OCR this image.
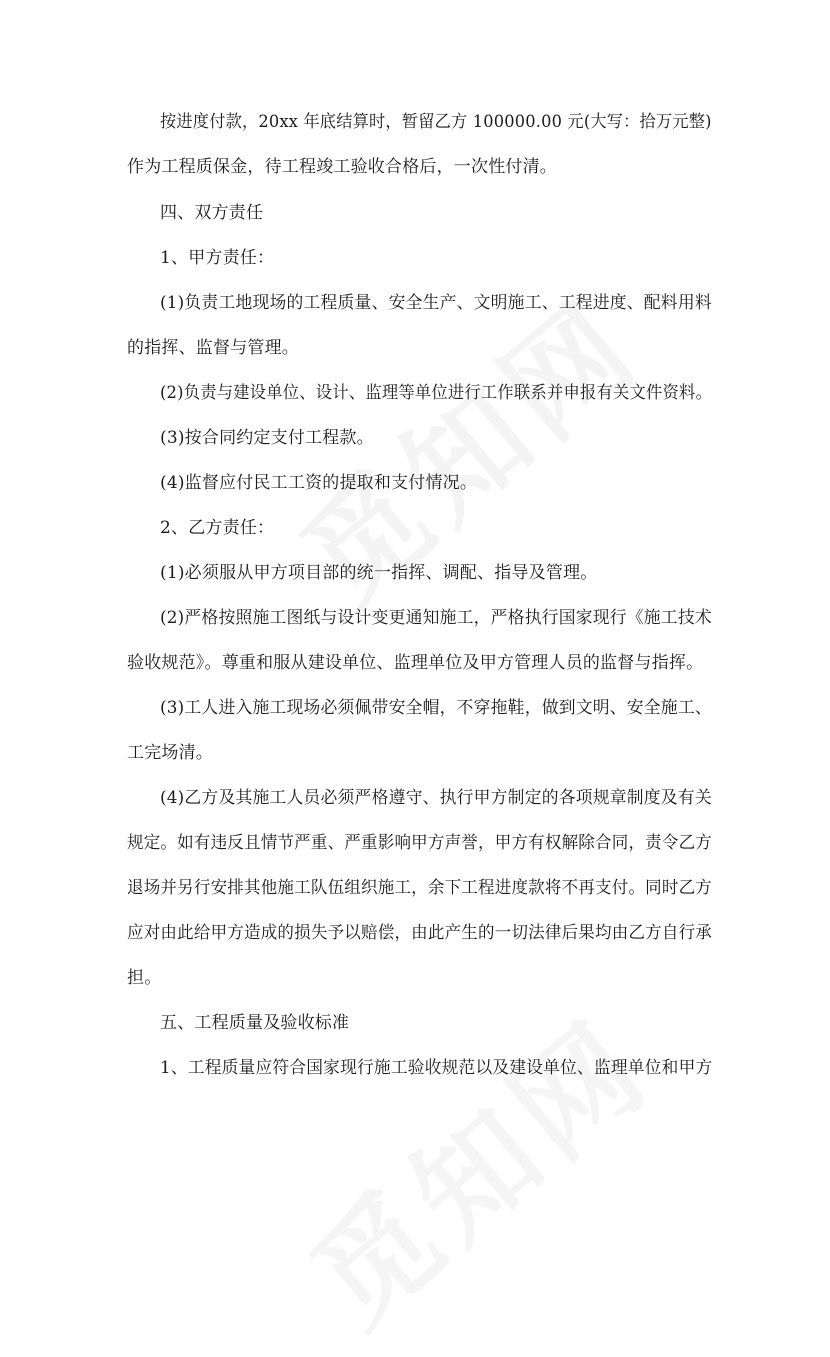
按进度付款，20xx 年底结算时，暂留乙方 100000.00 元(大写：拾万元整)
作为工程质保金，待工程竣工验收合格后，一次性付清。
四、双方责任
1、甲方责任：
(1)负责工地现场的工程质量、安全生产、文明施工、工程进度、配料用料
的指挥、监督与管理。
(2)负责与建设单位、设计、监理等单位进行工作联系并申报有关文件资料。
(3)按合同约定支付工程款。
(4)监督应付民工工资的提取和支付情况。
2、乙方责任：
(1)必须服从甲方项目部的统一指挥、调配、指导及管理。
(2)严格按照施工图纸与设计变更通知施工，严格执行国家现行《施工技术
验收规范》。尊重和服从建设单位、监理单位及甲方管理人员的监督与指挥。
(3)工人进入施工现场必须佩带安全帽，不穿拖鞋，做到文明、安全施工、
工完场清。
(4)乙方及其施工人员必须严格遵守、执行甲方制定的各项规章制度及有关
规定。如有违反且情节严重、严重影响甲方声誉，甲方有权解除合同，责令乙方
退场并另行安排其他施工队伍组织施工，余下工程进度款将不再支付。同时乙方
应对由此给甲方造成的损失予以赔偿，由此产生的一切法律后果均由乙方自行承
担。
五、工程质量及验收标准
1、工程质量应符合国家现行施工验收规范以及建设单位、监理单位和甲方
